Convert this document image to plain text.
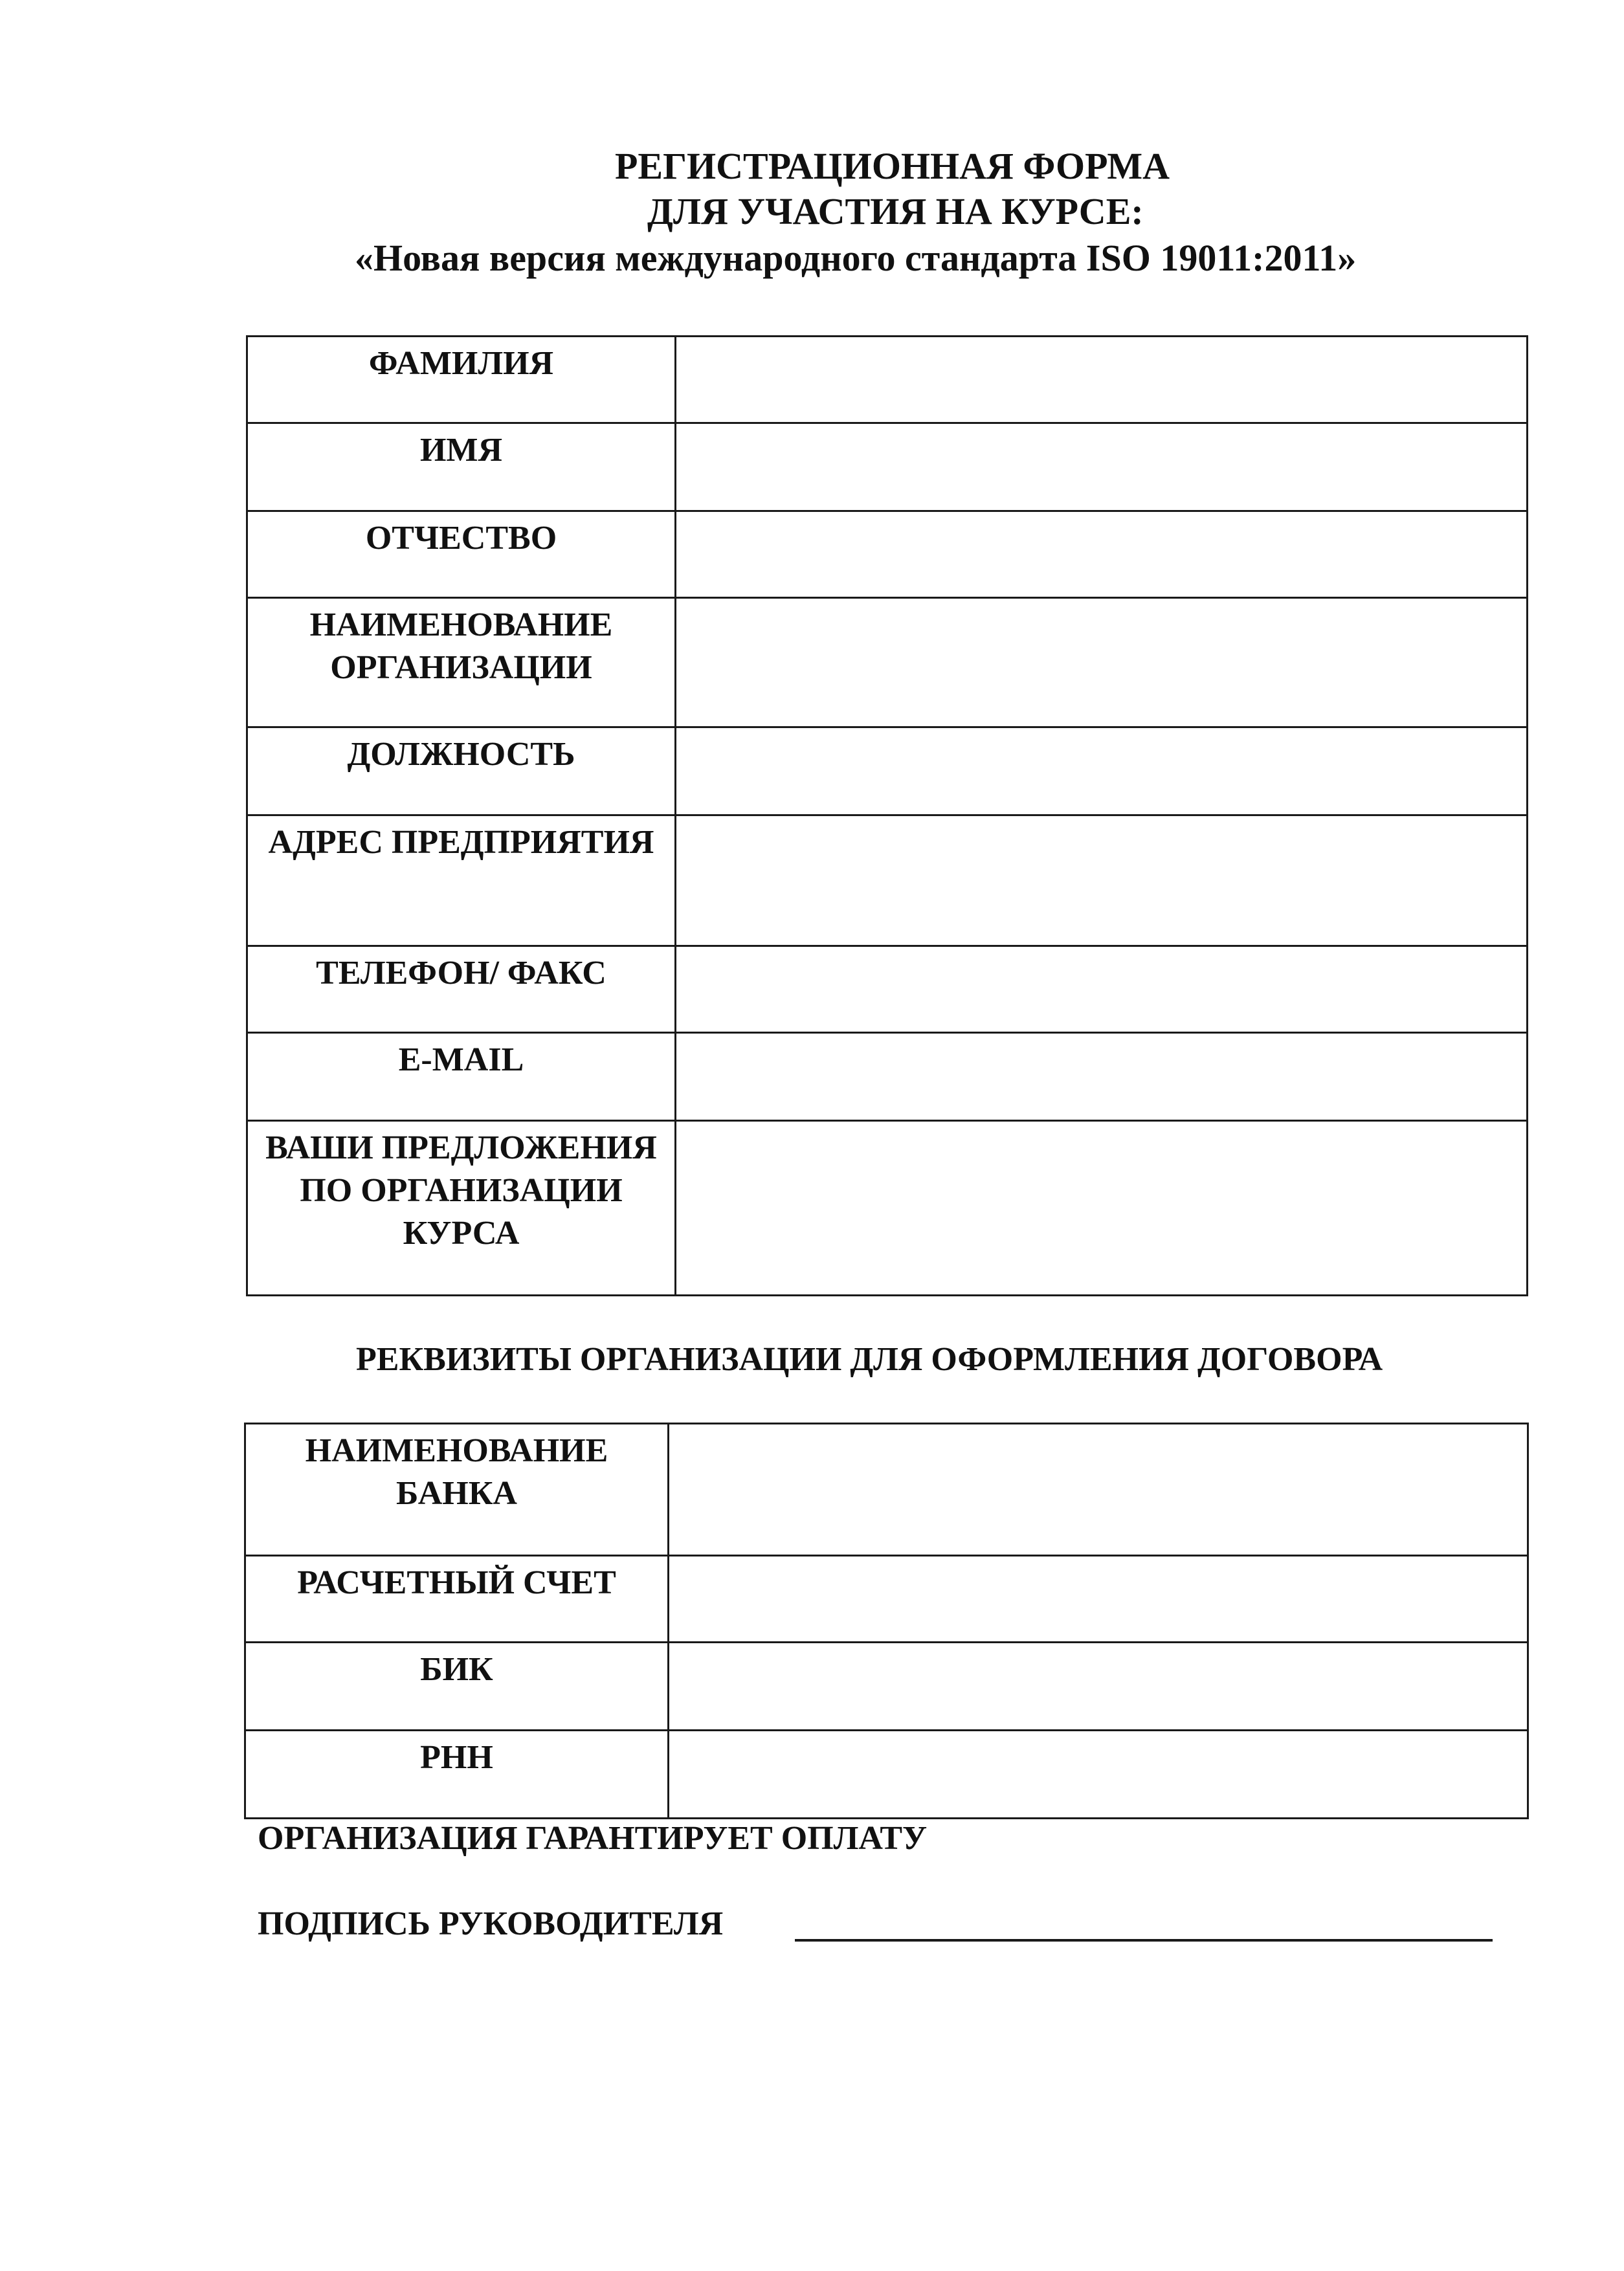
РЕГИСТРАЦИОННАЯ ФОРМА
ДЛЯ УЧАСТИЯ НА КУРСЕ:
«Новая версия международного стандарта ISO 19011:2011»
ФАМИЛИЯ	
ИМЯ	
ОТЧЕСТВО	
НАИМЕНОВАНИЕ ОРГАНИЗАЦИИ	
ДОЛЖНОСТЬ	
АДРЕС ПРЕДПРИЯТИЯ	
ТЕЛЕФОН/ ФАКС	
E-MAIL	
ВАШИ ПРЕДЛОЖЕНИЯ ПО ОРГАНИЗАЦИИ КУРСА	
РЕКВИЗИТЫ ОРГАНИЗАЦИИ ДЛЯ ОФОРМЛЕНИЯ ДОГОВОРА
НАИМЕНОВАНИЕ БАНКА	
РАСЧЕТНЫЙ СЧЕТ	
БИК	
РНН	
ОРГАНИЗАЦИЯ ГАРАНТИРУЕТ ОПЛАТУ
ПОДПИСЬ РУКОВОДИТЕЛЯ
